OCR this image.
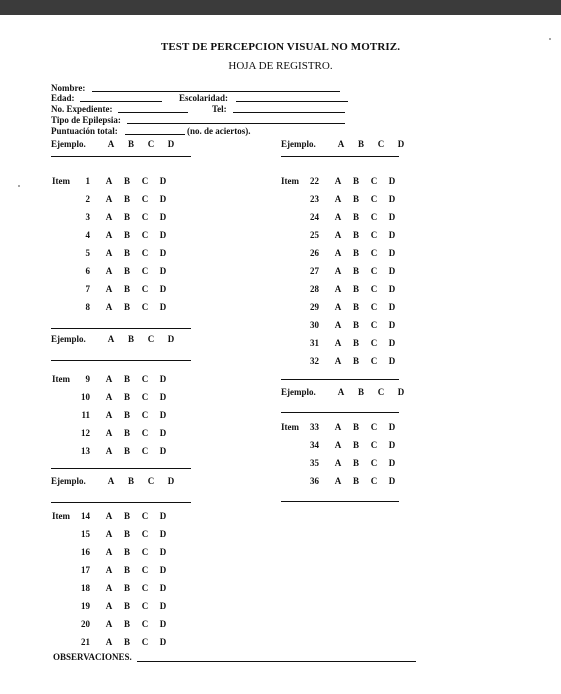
TEST DE PERCEPCION VISUAL NO MOTRIZ.
HOJA DE REGISTRO.
Nombre:
Edad:	Escolaridad:
No. Expediente:	Tel:
Tipo de Epilepsia:
Puntuación total:	(no. de aciertos).
Ejemplo. A B C D	Ejemplo. A B C D
Item 1 A B C D
2 A B C D
3 A B C D
4 A B C D
5 A B C D
6 A B C D
7 A B C D
8 A B C D
Ejemplo. A B C D
Item 9 A B C D
10 A B C D
11 A B C D
12 A B C D
13 A B C D
Ejemplo. A B C D
Item 14 A B C D
15 A B C D
16 A B C D
17 A B C D
18 A B C D
19 A B C D
20 A B C D
21 A B C D
Item 22 A B C D
23 A B C D
24 A B C D
25 A B C D
26 A B C D
27 A B C D
28 A B C D
29 A B C D
30 A B C D
31 A B C D
32 A B C D
Ejemplo. A B C D
Item 33 A B C D
34 A B C D
35 A B C D
36 A B C D
OBSERVACIONES.
